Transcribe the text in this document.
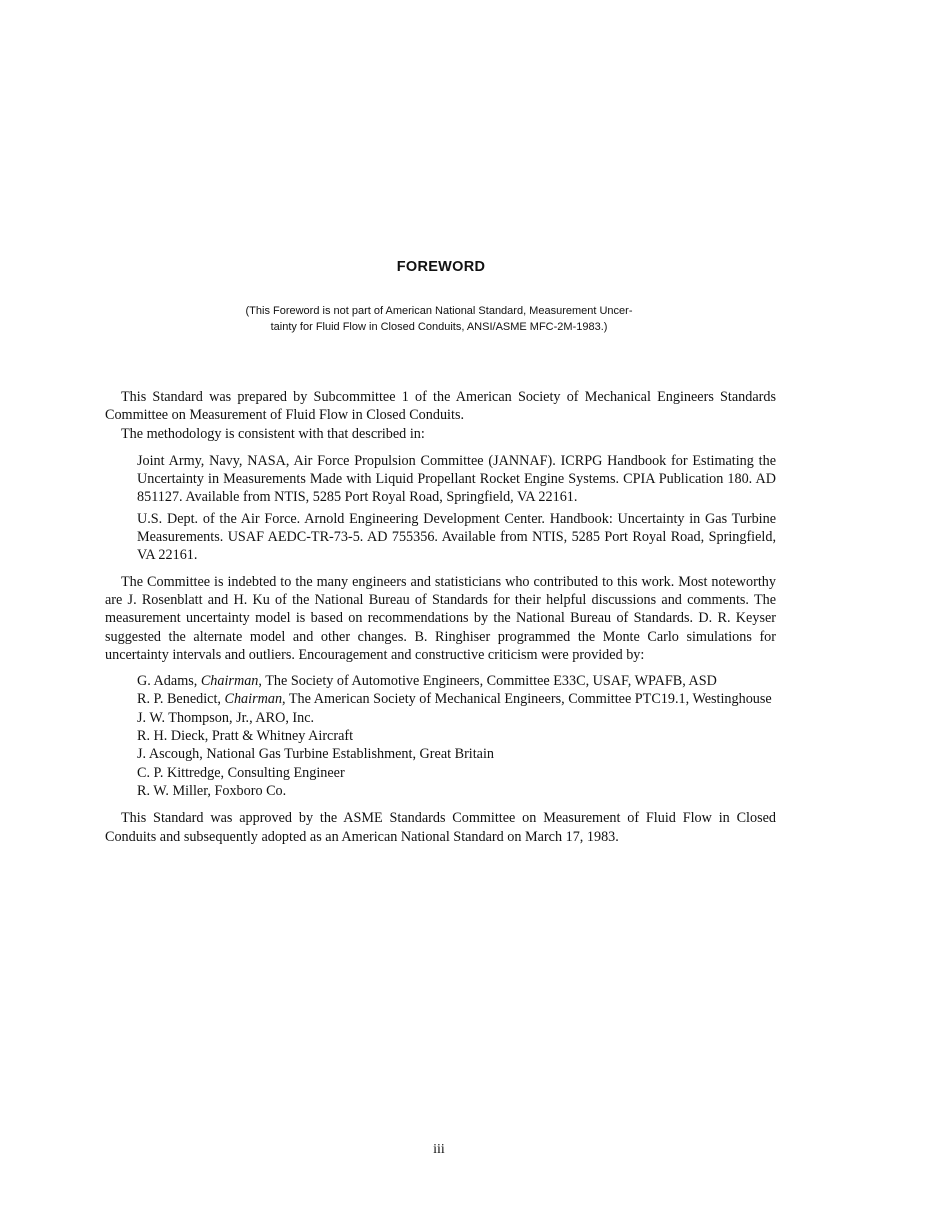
FOREWORD
(This Foreword is not part of American National Standard, Measurement Uncer-
tainty for Fluid Flow in Closed Conduits, ANSI/ASME MFC-2M-1983.)

This Standard was prepared by Subcommittee 1 of the American Society of Mechanical Engineers Standards Committee on Measurement of Fluid Flow in Closed Conduits.

The methodology is consistent with that described in:

Joint Army, Navy, NASA, Air Force Propulsion Committee (JANNAF). ICRPG Handbook for Estimating the Uncertainty in Measurements Made with Liquid Propellant Rocket Engine Systems. CPIA Publication 180. AD 851127. Available from NTIS, 5285 Port Royal Road, Springfield, VA 22161.
U.S. Dept. of the Air Force. Arnold Engineering Development Center. Handbook: Uncertainty in Gas Turbine Measurements. USAF AEDC-TR-73-5. AD 755356. Available from NTIS, 5285 Port Royal Road, Springfield, VA 22161.

The Committee is indebted to the many engineers and statisticians who contributed to this work. Most noteworthy are J. Rosenblatt and H. Ku of the National Bureau of Standards for their helpful discussions and comments. The measurement uncertainty model is based on recommendations by the National Bureau of Standards. D. R. Keyser suggested the alternate model and other changes. B. Ringhiser programmed the Monte Carlo simulations for uncertainty intervals and outliers. Encouragement and constructive criticism were provided by:

G. Adams, Chairman, The Society of Automotive Engineers, Committee E33C, USAF, WPAFB, ASD
R. P. Benedict, Chairman, The American Society of Mechanical Engineers, Committee PTC19.1, Westinghouse
J. W. Thompson, Jr., ARO, Inc.
R. H. Dieck, Pratt & Whitney Aircraft
J. Ascough, National Gas Turbine Establishment, Great Britain
C. P. Kittredge, Consulting Engineer
R. W. Miller, Foxboro Co.

This Standard was approved by the ASME Standards Committee on Measurement of Fluid Flow in Closed Conduits and subsequently adopted as an American National Standard on March 17, 1983.

iii
